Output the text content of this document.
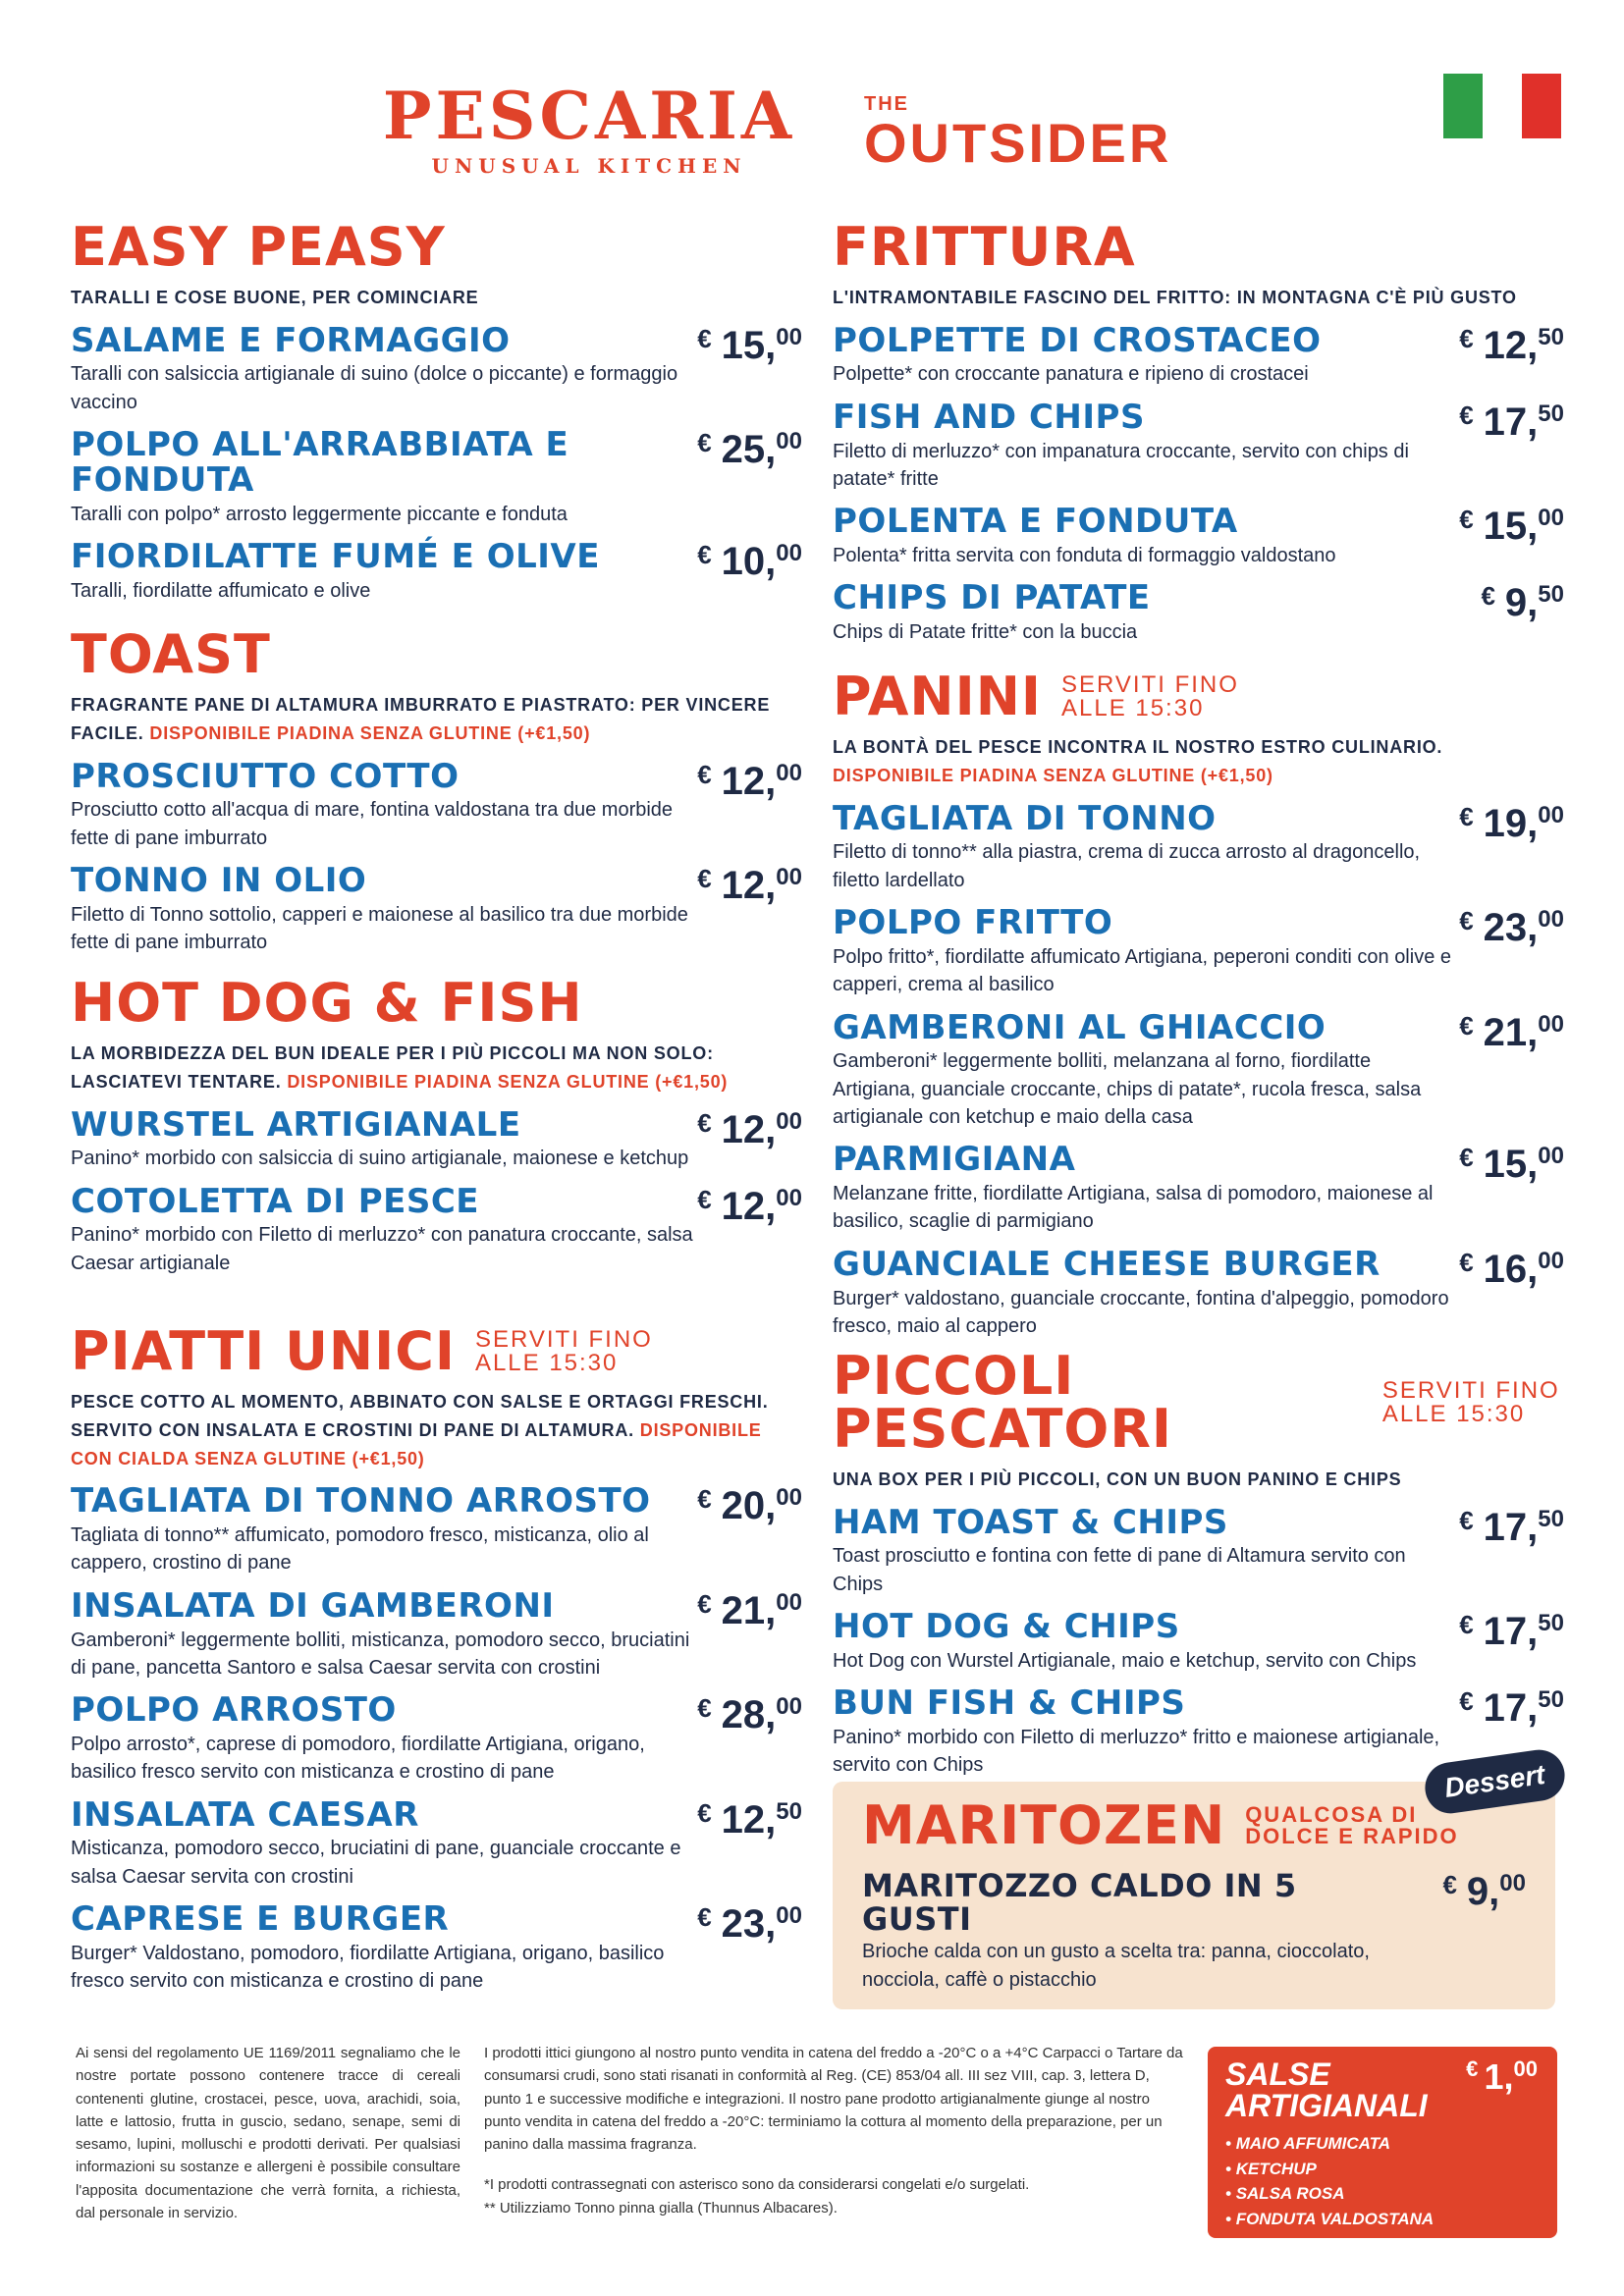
PESCARIA
UNUSUAL KITCHEN
THE
OUTSIDER
EASY PEASY
TARALLI E COSE BUONE, PER COMINCIARE
SALAME E FORMAGGIO
Taralli con salsiccia artigianale di suino (dolce o piccante) e formaggio vaccino
€ 15,00
POLPO ALL'ARRABBIATA E FONDUTA
Taralli con polpo* arrosto leggermente piccante e fonduta
€ 25,00
FIORDILATTE FUMÉ E OLIVE
Taralli, fiordilatte affumicato e olive
€ 10,00
TOAST
FRAGRANTE PANE DI ALTAMURA IMBURRATO E PIASTRATO: PER VINCERE FACILE. DISPONIBILE PIADINA SENZA GLUTINE (+€1,50)
PROSCIUTTO COTTO
Prosciutto cotto all'acqua di mare, fontina valdostana tra due morbide fette di pane imburrato
€ 12,00
TONNO IN OLIO
Filetto di Tonno sottolio, capperi e maionese al basilico tra due morbide fette di pane imburrato
€ 12,00
HOT DOG & FISH
LA MORBIDEZZA DEL BUN IDEALE PER I PIÙ PICCOLI MA NON SOLO: LASCIATEVI TENTARE. DISPONIBILE PIADINA SENZA GLUTINE (+€1,50)
WURSTEL ARTIGIANALE
Panino* morbido con salsiccia di suino artigianale, maionese e ketchup
€ 12,00
COTOLETTA DI PESCE
Panino* morbido con Filetto di merluzzo* con panatura croccante, salsa Caesar artigianale
€ 12,00
PIATTI UNICI SERVITI FINO ALLE 15:30
PESCE COTTO AL MOMENTO, ABBINATO CON SALSE E ORTAGGI FRESCHI. SERVITO CON INSALATA E CROSTINI DI PANE DI ALTAMURA. DISPONIBILE CON CIALDA SENZA GLUTINE (+€1,50)
TAGLIATA DI TONNO ARROSTO
Tagliata di tonno** affumicato, pomodoro fresco, misticanza, olio al cappero, crostino di pane
€ 20,00
INSALATA DI GAMBERONI
Gamberoni* leggermente bolliti, misticanza, pomodoro secco, bruciatini di pane, pancetta Santoro e salsa Caesar servita con crostini
€ 21,00
POLPO ARROSTO
Polpo arrosto*, caprese di pomodoro, fiordilatte Artigiana, origano, basilico fresco servito con misticanza e crostino di pane
€ 28,00
INSALATA CAESAR
Misticanza, pomodoro secco, bruciatini di pane, guanciale croccante e salsa Caesar servita con crostini
€ 12,50
CAPRESE E BURGER
Burger* Valdostano, pomodoro, fiordilatte Artigiana, origano, basilico fresco servito con misticanza e crostino di pane
€ 23,00
FRITTURA
L'INTRAMONTABILE FASCINO DEL FRITTO: IN MONTAGNA C'È PIÙ GUSTO
POLPETTE DI CROSTACEO
Polpette* con croccante panatura e ripieno di crostacei
€ 12,50
FISH AND CHIPS
Filetto di merluzzo* con impanatura croccante, servito con chips di patate* fritte
€ 17,50
POLENTA E FONDUTA
Polenta* fritta servita con fonduta di formaggio valdostano
€ 15,00
CHIPS DI PATATE
Chips di Patate fritte* con la buccia
€ 9,50
PANINI SERVITI FINO ALLE 15:30
LA BONTÀ DEL PESCE INCONTRA IL NOSTRO ESTRO CULINARIO. DISPONIBILE PIADINA SENZA GLUTINE (+€1,50)
TAGLIATA DI TONNO
Filetto di tonno** alla piastra, crema di zucca arrosto al dragoncello, filetto lardellato
€ 19,00
POLPO FRITTO
Polpo fritto*, fiordilatte affumicato Artigiana, peperoni conditi con olive e capperi, crema al basilico
€ 23,00
GAMBERONI AL GHIACCIO
Gamberoni* leggermente bolliti, melanzana al forno, fiordilatte Artigiana, guanciale croccante, chips di patate*, rucola fresca, salsa artigianale con ketchup e maio della casa
€ 21,00
PARMIGIANA
Melanzane fritte, fiordilatte Artigiana, salsa di pomodoro, maionese al basilico, scaglie di parmigiano
€ 15,00
GUANCIALE CHEESE BURGER
Burger* valdostano, guanciale croccante, fontina d'alpeggio, pomodoro fresco, maio al cappero
€ 16,00
PICCOLI PESCATORI
SERVITI FINO ALLE 15:30
UNA BOX PER I PIÙ PICCOLI, CON UN BUON PANINO E CHIPS
HAM TOAST & CHIPS
Toast prosciutto e fontina con fette di pane di Altamura servito con Chips
€ 17,50
HOT DOG & CHIPS
Hot Dog con Wurstel Artigianale, maio e ketchup, servito con Chips
€ 17,50
BUN FISH & CHIPS
Panino* morbido con Filetto di merluzzo* fritto e maionese artigianale, servito con Chips
€ 17,50
Dessert
MARITOZEN QUALCOSA DI DOLCE E RAPIDO
MARITOZZO CALDO IN 5 GUSTI
Brioche calda con un gusto a scelta tra: panna, cioccolato, nocciola, caffè o pistacchio
€ 9,00
Ai sensi del regolamento UE 1169/2011 segnaliamo che le nostre portate possono contenere tracce di cereali contenenti glutine, crostacei, pesce, uova, arachidi, soia, latte e lattosio, frutta in guscio, sedano, senape, semi di sesamo, lupini, molluschi e prodotti derivati. Per qualsiasi informazioni su sostanze e allergeni è possibile consultare l'apposita documentazione che verrà fornita, a richiesta, dal personale in servizio.
I prodotti ittici giungono al nostro punto vendita in catena del freddo a -20°C o a +4°C Carpacci o Tartare da consumarsi crudi, sono stati risanati in conformità al Reg. (CE) 853/04 all. III sez VIII, cap. 3, lettera D, punto 1 e successive modifiche e integrazioni. Il nostro pane prodotto artigianalmente giunge al nostro punto vendita in catena del freddo a -20°C: terminiamo la cottura al momento della preparazione, per un panino dalla massima fragranza.
*I prodotti contrassegnati con asterisco sono da considerarsi congelati e/o surgelati.
** Utilizziamo Tonno pinna gialla (Thunnus Albacares).
SALSE ARTIGIANALI
€ 1,00
• MAIO AFFUMICATA
• KETCHUP
• SALSA ROSA
• FONDUTA VALDOSTANA
